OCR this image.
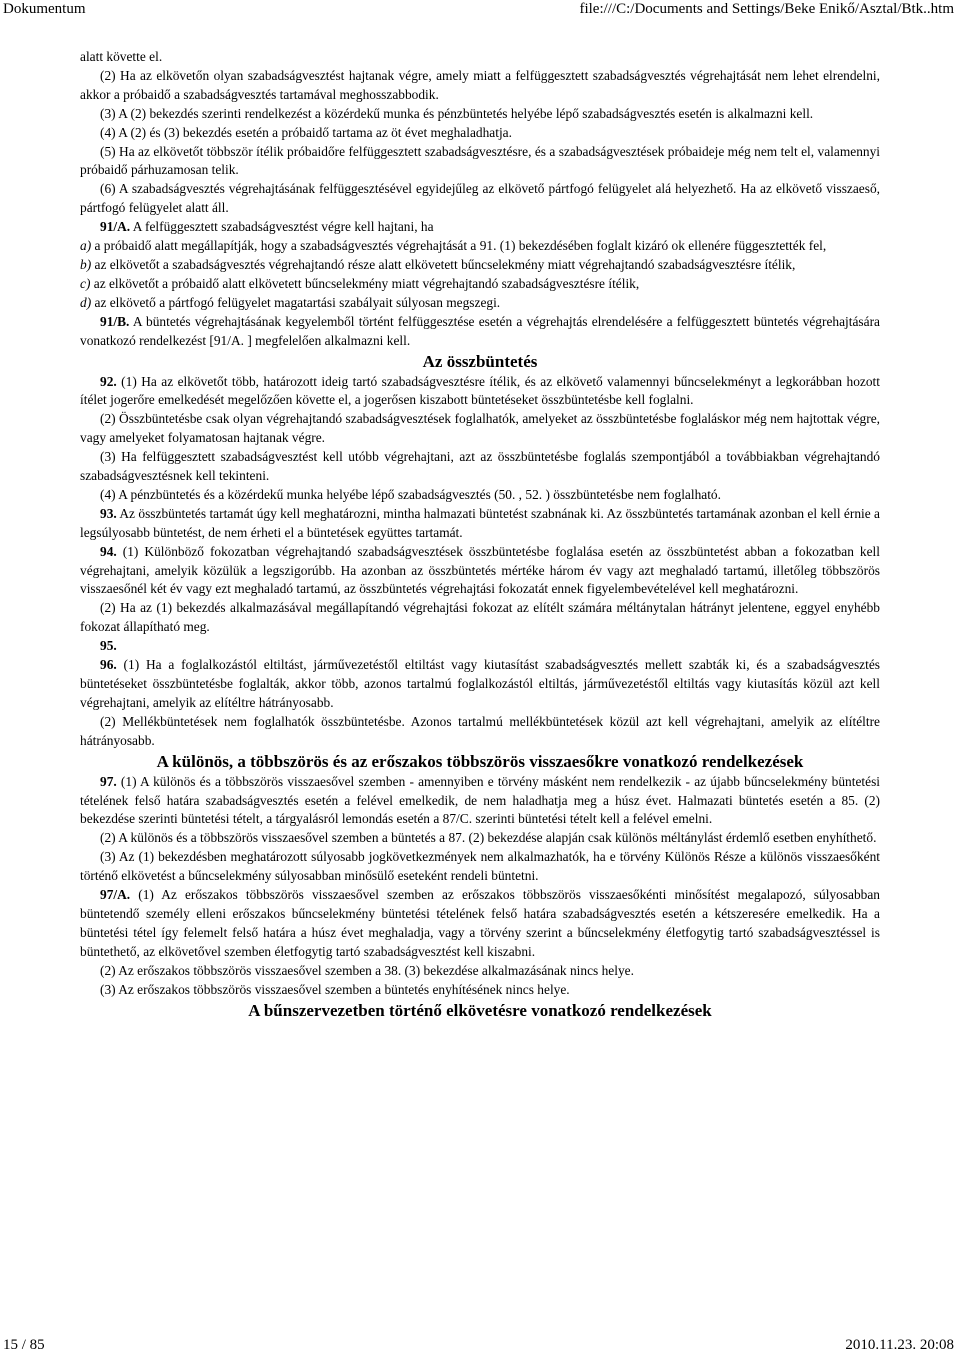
Dokumentum	file:///C:/Documents and Settings/Beke Enikő/Asztal/Btk..htm

alatt követte el.

(2) Ha az elkövetőn olyan szabadságvesztést hajtanak végre, amely miatt a felfüggesztett szabadságvesztés végrehajtását nem lehet elrendelni, akkor a próbaidő a szabadságvesztés tartamával meghosszabbodik.

(3) A (2) bekezdés szerinti rendelkezést a közérdekű munka és pénzbüntetés helyébe lépő szabadságvesztés esetén is alkalmazni kell.

(4) A (2) és (3) bekezdés esetén a próbaidő tartama az öt évet meghaladhatja.

(5) Ha az elkövetőt többször ítélik próbaidőre felfüggesztett szabadságvesztésre, és a szabadságvesztések próbaideje még nem telt el, valamennyi próbaidő párhuzamosan telik.

(6) A szabadságvesztés végrehajtásának felfüggesztésével egyidejűleg az elkövető pártfogó felügyelet alá helyezhető. Ha az elkövető visszaeső, pártfogó felügyelet alatt áll.

91/A. A felfüggesztett szabadságvesztést végre kell hajtani, ha

a) a próbaidő alatt megállapítják, hogy a szabadságvesztés végrehajtását a 91. (1) bekezdésében foglalt kizáró ok ellenére függesztették fel,

b) az elkövetőt a szabadságvesztés végrehajtandó része alatt elkövetett bűncselekmény miatt végrehajtandó szabadságvesztésre ítélik,

c) az elkövetőt a próbaidő alatt elkövetett bűncselekmény miatt végrehajtandó szabadságvesztésre ítélik,

d) az elkövető a pártfogó felügyelet magatartási szabályait súlyosan megszegi.

91/B. A büntetés végrehajtásának kegyelemből történt felfüggesztése esetén a végrehajtás elrendelésére a felfüggesztett büntetés végrehajtására vonatkozó rendelkezést [91/A. ] megfelelően alkalmazni kell.

Az összbüntetés

92. (1) Ha az elkövetőt több, határozott ideig tartó szabadságvesztésre ítélik, és az elkövető valamennyi bűncselekményt a legkorábban hozott ítélet jogerőre emelkedését megelőzően követte el, a jogerősen kiszabott büntetéseket összbüntetésbe kell foglalni.

(2) Összbüntetésbe csak olyan végrehajtandó szabadságvesztések foglalhatók, amelyeket az összbüntetésbe foglaláskor még nem hajtottak végre, vagy amelyeket folyamatosan hajtanak végre.

(3) Ha felfüggesztett szabadságvesztést kell utóbb végrehajtani, azt az összbüntetésbe foglalás szempontjából a továbbiakban végrehajtandó szabadságvesztésnek kell tekinteni.

(4) A pénzbüntetés és a közérdekű munka helyébe lépő szabadságvesztés (50. , 52. ) összbüntetésbe nem foglalható.

93. Az összbüntetés tartamát úgy kell meghatározni, mintha halmazati büntetést szabnának ki. Az összbüntetés tartamának azonban el kell érnie a legsúlyosabb büntetést, de nem érheti el a büntetések együttes tartamát.

94. (1) Különböző fokozatban végrehajtandó szabadságvesztések összbüntetésbe foglalása esetén az összbüntetést abban a fokozatban kell végrehajtani, amelyik közülük a legszigorúbb. Ha azonban az összbüntetés mértéke három év vagy azt meghaladó tartamú, illetőleg többszörös visszaesőnél két év vagy ezt meghaladó tartamú, az összbüntetés végrehajtási fokozatát ennek figyelembevételével kell meghatározni.

(2) Ha az (1) bekezdés alkalmazásával megállapítandó végrehajtási fokozat az elítélt számára méltánytalan hátrányt jelentene, eggyel enyhébb fokozat állapítható meg.

95.

96. (1) Ha a foglalkozástól eltiltást, járművezetéstől eltiltást vagy kiutasítást szabadságvesztés mellett szabták ki, és a szabadságvesztés büntetéseket összbüntetésbe foglalták, akkor több, azonos tartalmú foglalkozástól eltiltás, járművezetéstől eltiltás vagy kiutasítás közül azt kell végrehajtani, amelyik az elítéltre hátrányosabb.

(2) Mellékbüntetések nem foglalhatók összbüntetésbe. Azonos tartalmú mellékbüntetések közül azt kell végrehajtani, amelyik az elítéltre hátrányosabb.

A különös, a többszörös és az erőszakos többszörös visszaesőkre vonatkozó rendelkezések

97. (1) A különös és a többszörös visszaesővel szemben - amennyiben e törvény másként nem rendelkezik - az újabb bűncselekmény büntetési tételének felső határa szabadságvesztés esetén a felével emelkedik, de nem haladhatja meg a húsz évet. Halmazati büntetés esetén a 85. (2) bekezdése szerinti büntetési tételt, a tárgyalásról lemondás esetén a 87/C. szerinti büntetési tételt kell a felével emelni.

(2) A különös és a többszörös visszaesővel szemben a büntetés a 87. (2) bekezdése alapján csak különös méltánylást érdemlő esetben enyhíthető.

(3) Az (1) bekezdésben meghatározott súlyosabb jogkövetkezmények nem alkalmazhatók, ha e törvény Különös Része a különös visszaesőként történő elkövetést a bűncselekmény súlyosabban minősülő eseteként rendeli büntetni.

97/A. (1) Az erőszakos többszörös visszaesővel szemben az erőszakos többszörös visszaesőkénti minősítést megalapozó, súlyosabban büntetendő személy elleni erőszakos bűncselekmény büntetési tételének felső határa szabadságvesztés esetén a kétszeresére emelkedik. Ha a büntetési tétel így felemelt felső határa a húsz évet meghaladja, vagy a törvény szerint a bűncselekmény életfogytig tartó szabadságvesztéssel is büntethető, az elkövetővel szemben életfogytig tartó szabadságvesztést kell kiszabni.

(2) Az erőszakos többszörös visszaesővel szemben a 38. (3) bekezdése alkalmazásának nincs helye.

(3) Az erőszakos többszörös visszaesővel szemben a büntetés enyhítésének nincs helye.

A bűnszervezetben történő elkövetésre vonatkozó rendelkezések

15 / 85	2010.11.23. 20:08
